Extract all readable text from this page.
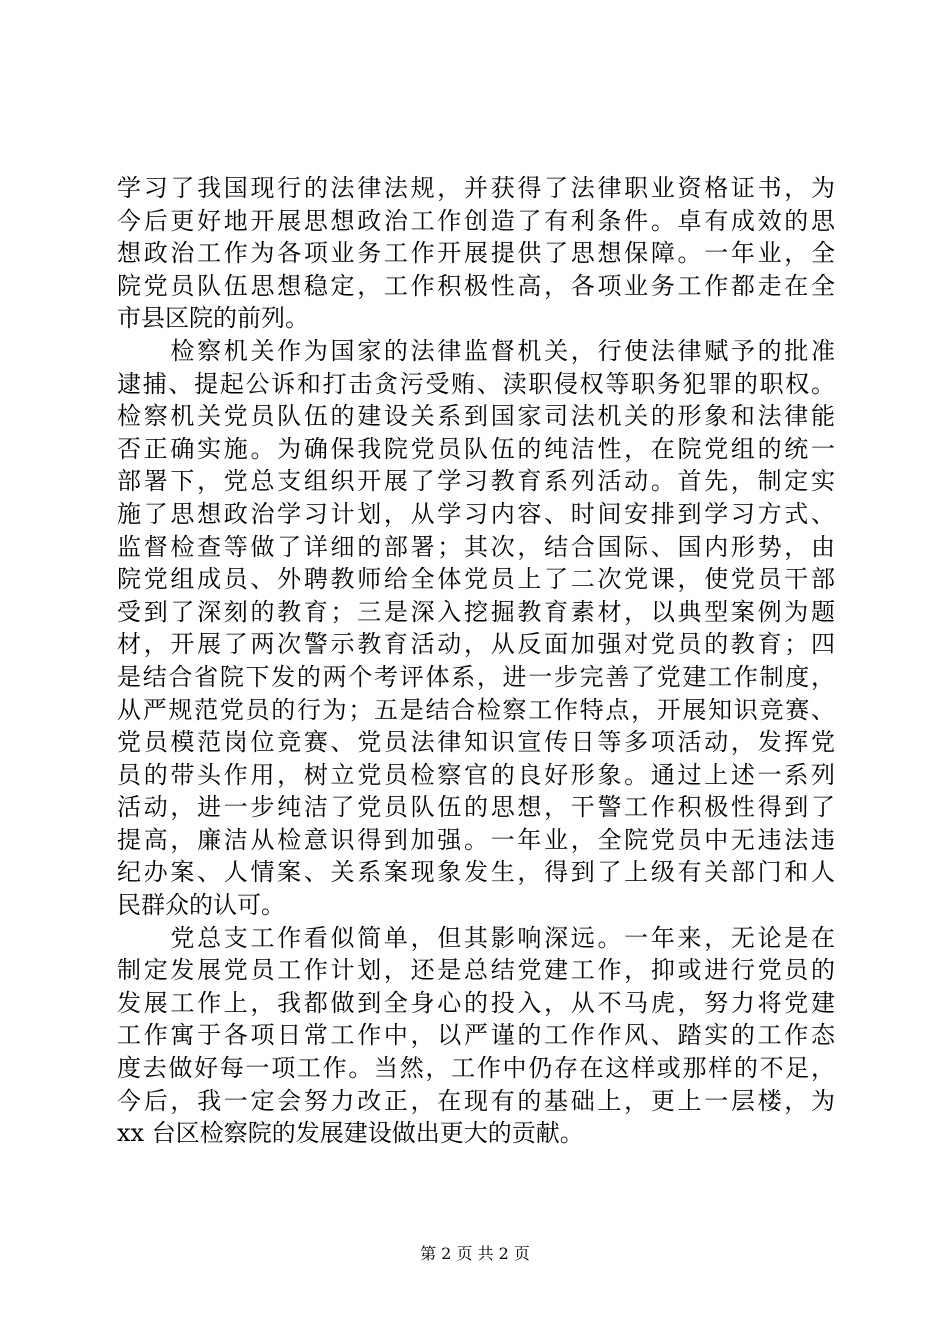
学习了我国现行的法律法规，并获得了法律职业资格证书，为
今后更好地开展思想政治工作创造了有利条件。卓有成效的思
想政治工作为各项业务工作开展提供了思想保障。一年业，全
院党员队伍思想稳定，工作积极性高，各项业务工作都走在全
市县区院的前列。
　　检察机关作为国家的法律监督机关，行使法律赋予的批准
逮捕、提起公诉和打击贪污受贿、渎职侵权等职务犯罪的职权。
检察机关党员队伍的建设关系到国家司法机关的形象和法律能
否正确实施。为确保我院党员队伍的纯洁性，在院党组的统一
部署下，党总支组织开展了学习教育系列活动。首先，制定实
施了思想政治学习计划，从学习内容、时间安排到学习方式、
监督检查等做了详细的部署；其次，结合国际、国内形势，由
院党组成员、外聘教师给全体党员上了二次党课，使党员干部
受到了深刻的教育；三是深入挖掘教育素材，以典型案例为题
材，开展了两次警示教育活动，从反面加强对党员的教育；四
是结合省院下发的两个考评体系，进一步完善了党建工作制度，
从严规范党员的行为；五是结合检察工作特点，开展知识竞赛、
党员模范岗位竞赛、党员法律知识宣传日等多项活动，发挥党
员的带头作用，树立党员检察官的良好形象。通过上述一系列
活动，进一步纯洁了党员队伍的思想，干警工作积极性得到了
提高，廉洁从检意识得到加强。一年业，全院党员中无违法违
纪办案、人情案、关系案现象发生，得到了上级有关部门和人
民群众的认可。
　　党总支工作看似简单，但其影响深远。一年来，无论是在
制定发展党员工作计划，还是总结党建工作，抑或进行党员的
发展工作上，我都做到全身心的投入，从不马虎，努力将党建
工作寓于各项日常工作中，以严谨的工作作风、踏实的工作态
度去做好每一项工作。当然，工作中仍存在这样或那样的不足，
今后，我一定会努力改正，在现有的基础上，更上一层楼，为
xx 台区检察院的发展建设做出更大的贡献。
第 2 页 共 2 页
